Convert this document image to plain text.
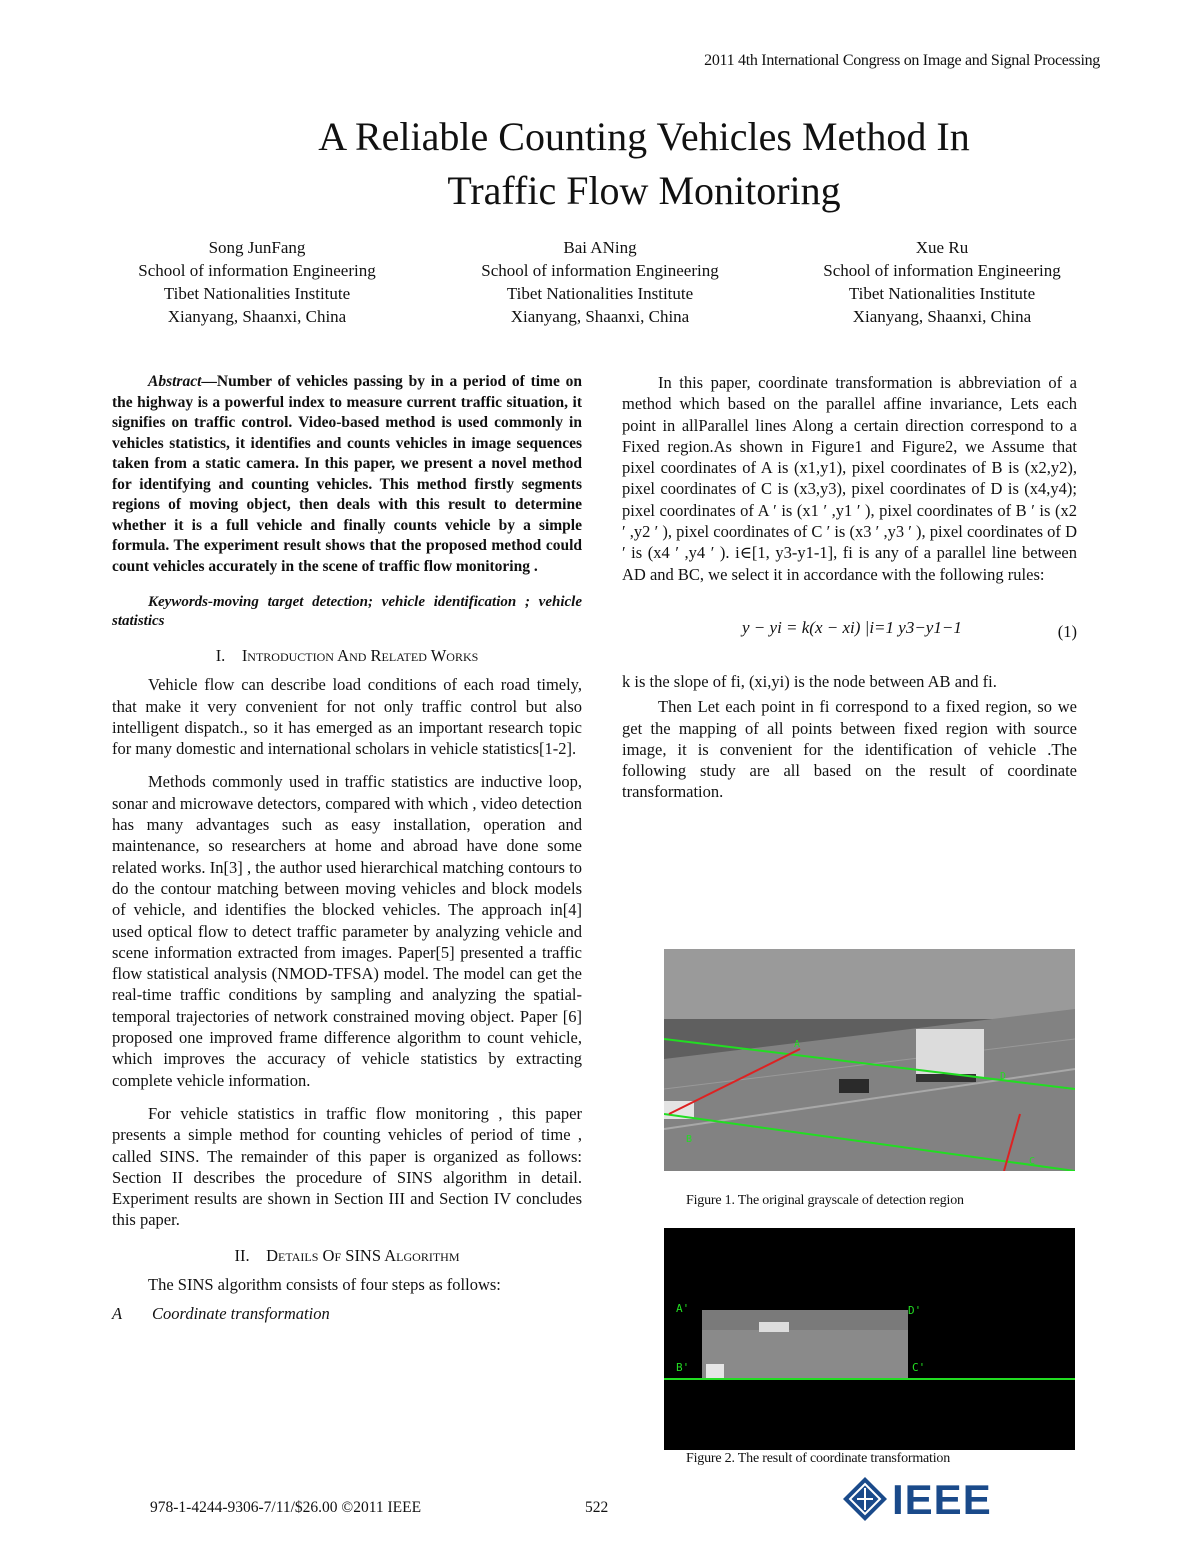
2011 4th International Congress on Image and Signal Processing
A Reliable Counting Vehicles Method In
Traffic Flow Monitoring
Song JunFang
School of information Engineering
Tibet Nationalities Institute
Xianyang, Shaanxi, China
Bai ANing
School of information Engineering
Tibet Nationalities Institute
Xianyang, Shaanxi, China
Xue Ru
School of information Engineering
Tibet Nationalities Institute
Xianyang, Shaanxi, China

Abstract—Number of vehicles passing by in a period of time on the highway is a powerful index to measure current traffic situation, it signifies on traffic control. Video-based method is used commonly in vehicles statistics, it identifies and counts vehicles in image sequences taken from a static camera. In this paper, we present a novel method for identifying and counting vehicles. This method firstly segments regions of moving object, then deals with this result to determine whether it is a full vehicle and finally counts vehicle by a simple formula. The experiment result shows that the proposed method could count vehicles accurately in the scene of traffic flow monitoring .

Keywords-moving target detection; vehicle identification ; vehicle statistics

I. Introduction And Related Works

Vehicle flow can describe load conditions of each road timely, that make it very convenient for not only traffic control but also intelligent dispatch., so it has emerged as an important research topic for many domestic and international scholars in vehicle statistics[1-2].

Methods commonly used in traffic statistics are inductive loop, sonar and microwave detectors, compared with which , video detection has many advantages such as easy installation, operation and maintenance, so researchers at home and abroad have done some related works. In[3] , the author used hierarchical matching contours to do the contour matching between moving vehicles and block models of vehicle, and identifies the blocked vehicles. The approach in[4] used optical flow to detect traffic parameter by analyzing vehicle and scene information extracted from images. Paper[5] presented a traffic flow statistical analysis (NMOD-TFSA) model. The model can get the real-time traffic conditions by sampling and analyzing the spatial-temporal trajectories of network constrained moving object. Paper [6] proposed one improved frame difference algorithm to count vehicle, which improves the accuracy of vehicle statistics by extracting complete vehicle information.

For vehicle statistics in traffic flow monitoring , this paper presents a simple method for counting vehicles of period of time , called SINS. The remainder of this paper is organized as follows: Section II describes the procedure of SINS algorithm in detail. Experiment results are shown in Section III and Section IV concludes this paper.

II. Details Of SINS Algorithm

The SINS algorithm consists of four steps as follows:

A Coordinate transformation

In this paper, coordinate transformation is abbreviation of a method which based on the parallel affine invariance, Lets each point in allParallel lines Along a certain direction correspond to a Fixed region.As shown in Figure1 and Figure2, we Assume that pixel coordinates of A is (x1,y1), pixel coordinates of B is (x2,y2), pixel coordinates of C is (x3,y3), pixel coordinates of D is (x4,y4); pixel coordinates of A ′ is (x1 ′ ,y1 ′ ), pixel coordinates of B ′ is (x2 ′ ,y2 ′ ), pixel coordinates of C ′ is (x3 ′ ,y3 ′ ), pixel coordinates of D ′ is (x4 ′ ,y4 ′ ). i∈[1, y3-y1-1], fi is any of a parallel line between AD and BC, we select it in accordance with the following rules:

y − yi = k(x − xi) |i=1 y3−y1−1	(1)

k is the slope of fi, (xi,yi) is the node between AB and fi.

Then Let each point in fi correspond to a fixed region, so we get the mapping of all points between fixed region with source image, it is convenient for the identification of vehicle .The following study are all based on the result of coordinate transformation.

A
B
C
D
Figure 1. The original grayscale of detection region
A'
B'	C'
D'
Figure 2. The result of coordinate transformation
978-1-4244-9306-7/11/$26.00 ©2011 IEEE	522	IEEE
